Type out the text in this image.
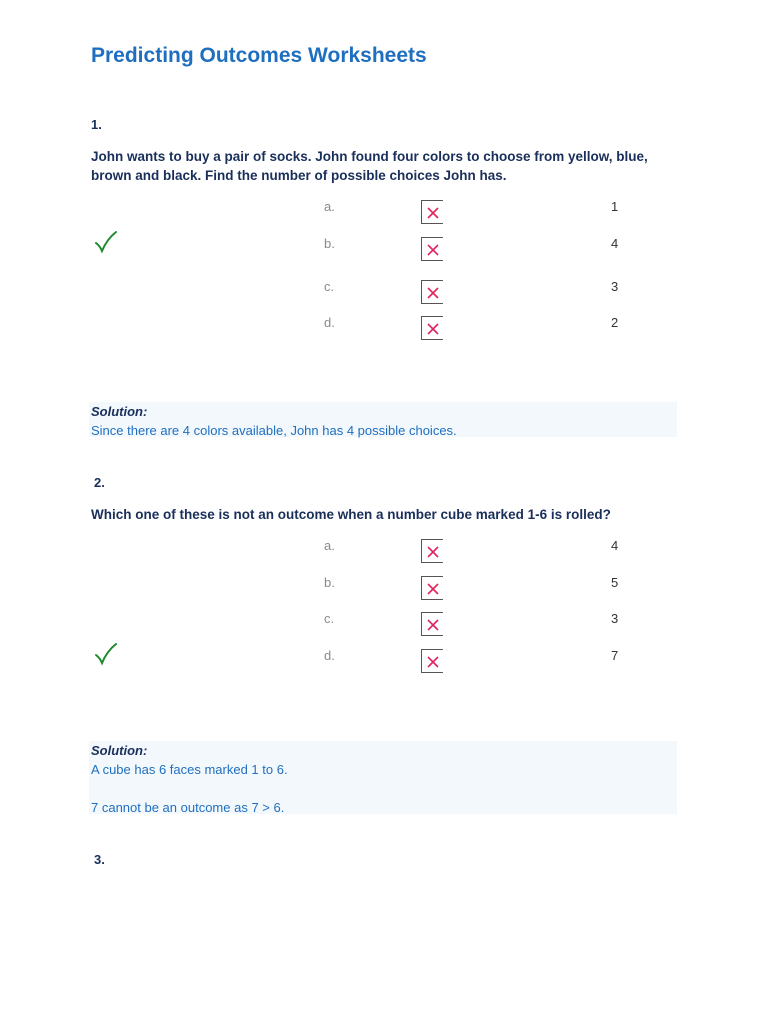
Predicting Outcomes Worksheets
1.
John wants to buy a pair of socks. John found four colors to choose from yellow, blue, brown and black. Find the number of possible choices John has.
a.	1
b.	4
c.	3
d.	2

Solution:

Since there are 4 colors available, John has 4 possible choices.

2.
Which one of these is not an outcome when a number cube marked 1-6 is rolled?
a.	4
b.	5
c.	3
d.	7

Solution:

A cube has 6 faces marked 1 to 6.

7 cannot be an outcome as 7 > 6.

3.
